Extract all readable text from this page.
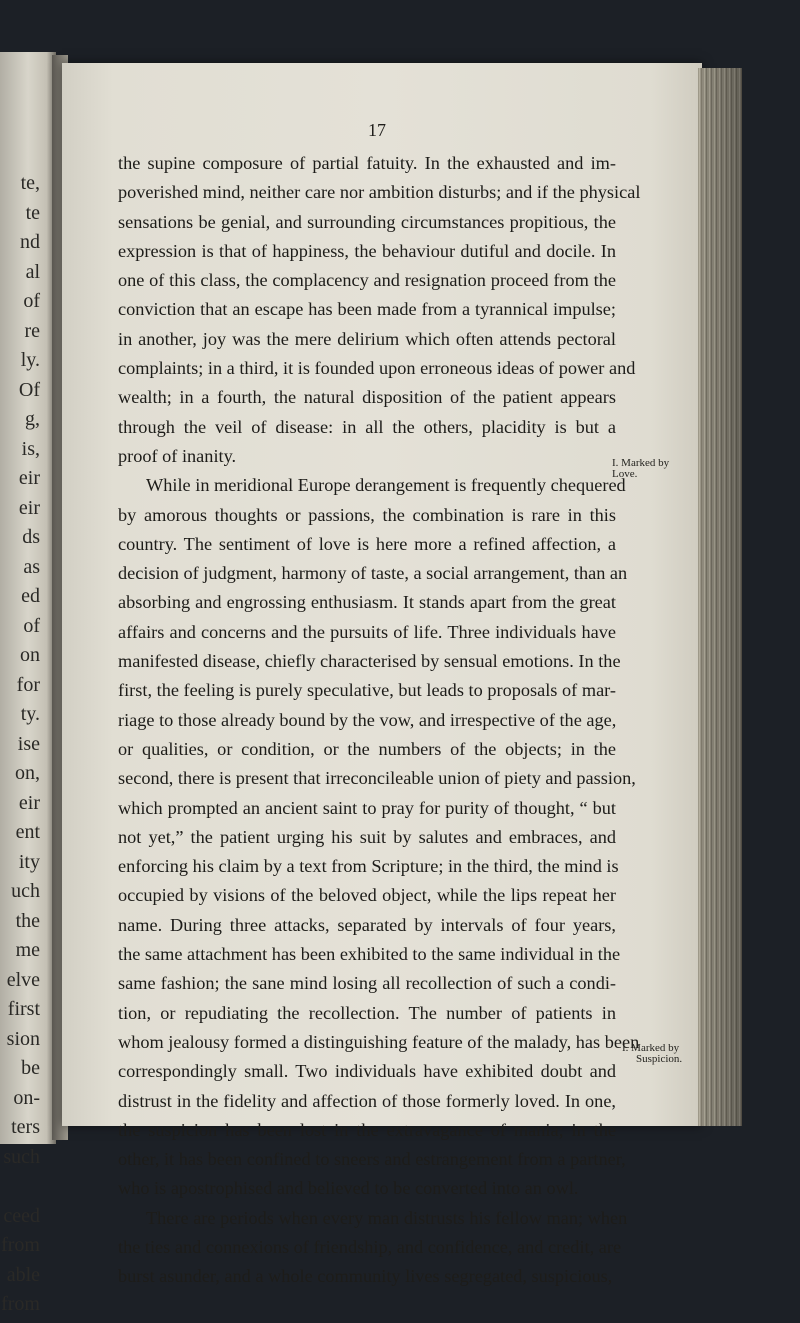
te,
te
nd
al
of
re
ly.
Of
g,
is,
eir
eir
ds
as
ed
of
on
for
ty.
ise
on,
eir
ent
ity
uch
the
me
elve
first
sion
be
on-
ters
such
ceed
from
able
from
17
the supine composure of partial fatuity. In the exhausted and im-
poverished mind, neither care nor ambition disturbs; and if the physical
sensations be genial, and surrounding circumstances propitious, the
expression is that of happiness, the behaviour dutiful and docile. In
one of this class, the complacency and resignation proceed from the
conviction that an escape has been made from a tyrannical impulse;
in another, joy was the mere delirium which often attends pectoral
complaints; in a third, it is founded upon erroneous ideas of power and
wealth; in a fourth, the natural disposition of the patient appears
through the veil of disease: in all the others, placidity is but a
proof of inanity.
While in meridional Europe derangement is frequently chequered
by amorous thoughts or passions, the combination is rare in this
country. The sentiment of love is here more a refined affection, a
decision of judgment, harmony of taste, a social arrangement, than an
absorbing and engrossing enthusiasm. It stands apart from the great
affairs and concerns and the pursuits of life. Three individuals have
manifested disease, chiefly characterised by sensual emotions. In the
first, the feeling is purely speculative, but leads to proposals of mar-
riage to those already bound by the vow, and irrespective of the age,
or qualities, or condition, or the numbers of the objects; in the
second, there is present that irreconcileable union of piety and passion,
which prompted an ancient saint to pray for purity of thought, “ but
not yet,” the patient urging his suit by salutes and embraces, and
enforcing his claim by a text from Scripture; in the third, the mind is
occupied by visions of the beloved object, while the lips repeat her
name. During three attacks, separated by intervals of four years,
the same attachment has been exhibited to the same individual in the
same fashion; the sane mind losing all recollection of such a condi-
tion, or repudiating the recollection. The number of patients in
whom jealousy formed a distinguishing feature of the malady, has been
correspondingly small. Two individuals have exhibited doubt and
distrust in the fidelity and affection of those formerly loved. In one,
the suspicion has been lost in the extravagance of mania; in the
other, it has been confined to sneers and estrangement from a partner,
who is apostrophised and believed to be converted into an owl.
There are periods when every man distrusts his fellow man; when
the ties and connexions of friendship, and confidence, and credit, are
burst asunder, and a whole community lives segregated, suspicious,
I. Marked by
Love.
I. Marked by
Suspicion.
